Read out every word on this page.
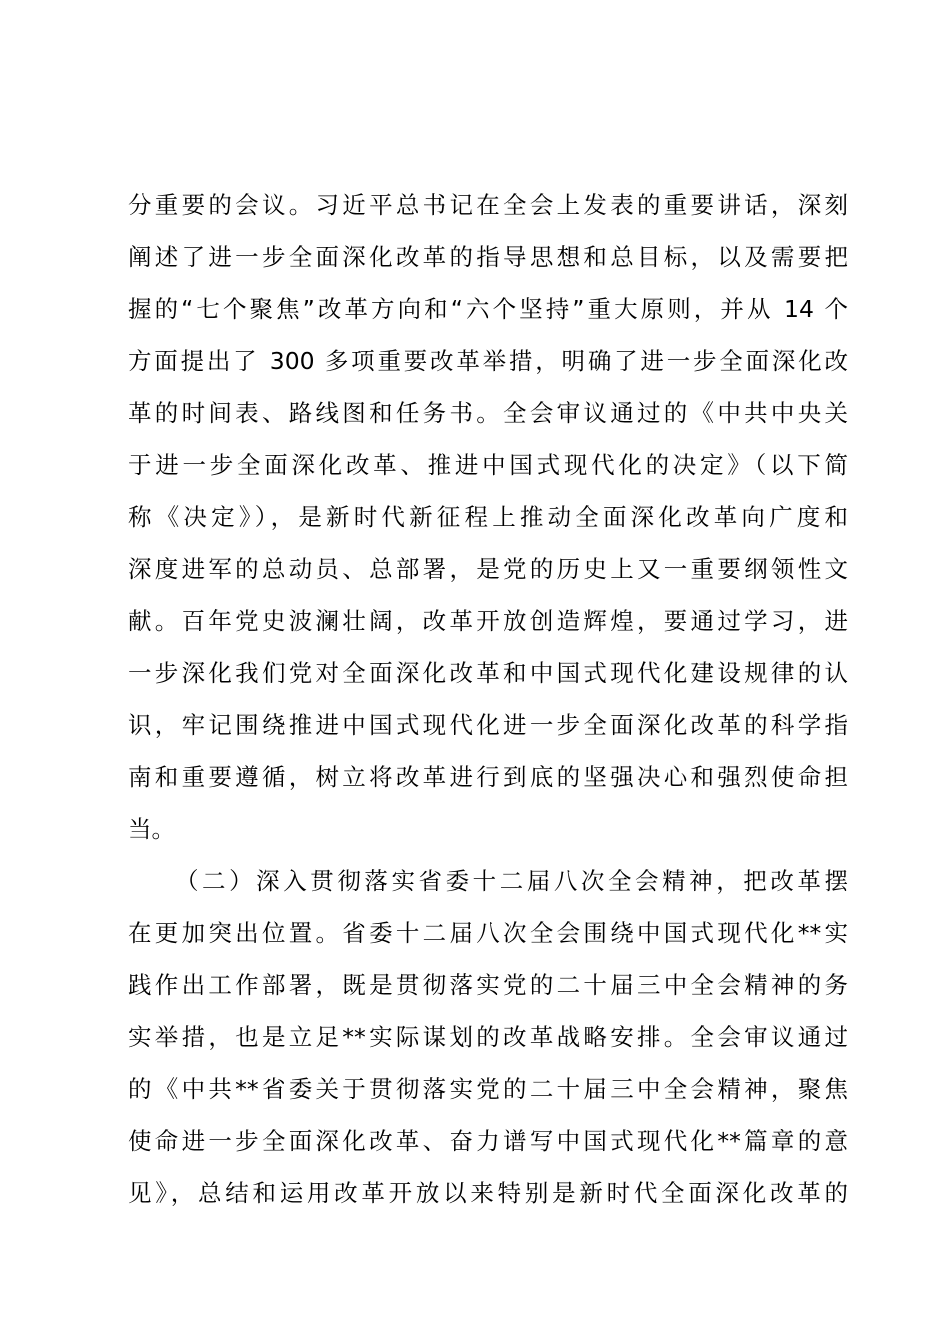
分重要的会议。习近平总书记在全会上发表的重要讲话，深刻
阐述了进一步全面深化改革的指导思想和总目标，以及需要把
握的“七个聚焦”改革方向和“六个坚持”重大原则，并从 14 个
方面提出了 300 多项重要改革举措，明确了进一步全面深化改
革的时间表、路线图和任务书。全会审议通过的《中共中央关
于进一步全面深化改革、推进中国式现代化的决定》（以下简
称《决定》），是新时代新征程上推动全面深化改革向广度和
深度进军的总动员、总部署，是党的历史上又一重要纲领性文
献。百年党史波澜壮阔，改革开放创造辉煌，要通过学习，进
一步深化我们党对全面深化改革和中国式现代化建设规律的认
识，牢记围绕推进中国式现代化进一步全面深化改革的科学指
南和重要遵循，树立将改革进行到底的坚强决心和强烈使命担
当。
（二）深入贯彻落实省委十二届八次全会精神，把改革摆
在更加突出位置。省委十二届八次全会围绕中国式现代化**实
践作出工作部署，既是贯彻落实党的二十届三中全会精神的务
实举措，也是立足**实际谋划的改革战略安排。全会审议通过
的《中共**省委关于贯彻落实党的二十届三中全会精神，聚焦
使命进一步全面深化改革、奋力谱写中国式现代化**篇章的意
见》，总结和运用改革开放以来特别是新时代全面深化改革的
